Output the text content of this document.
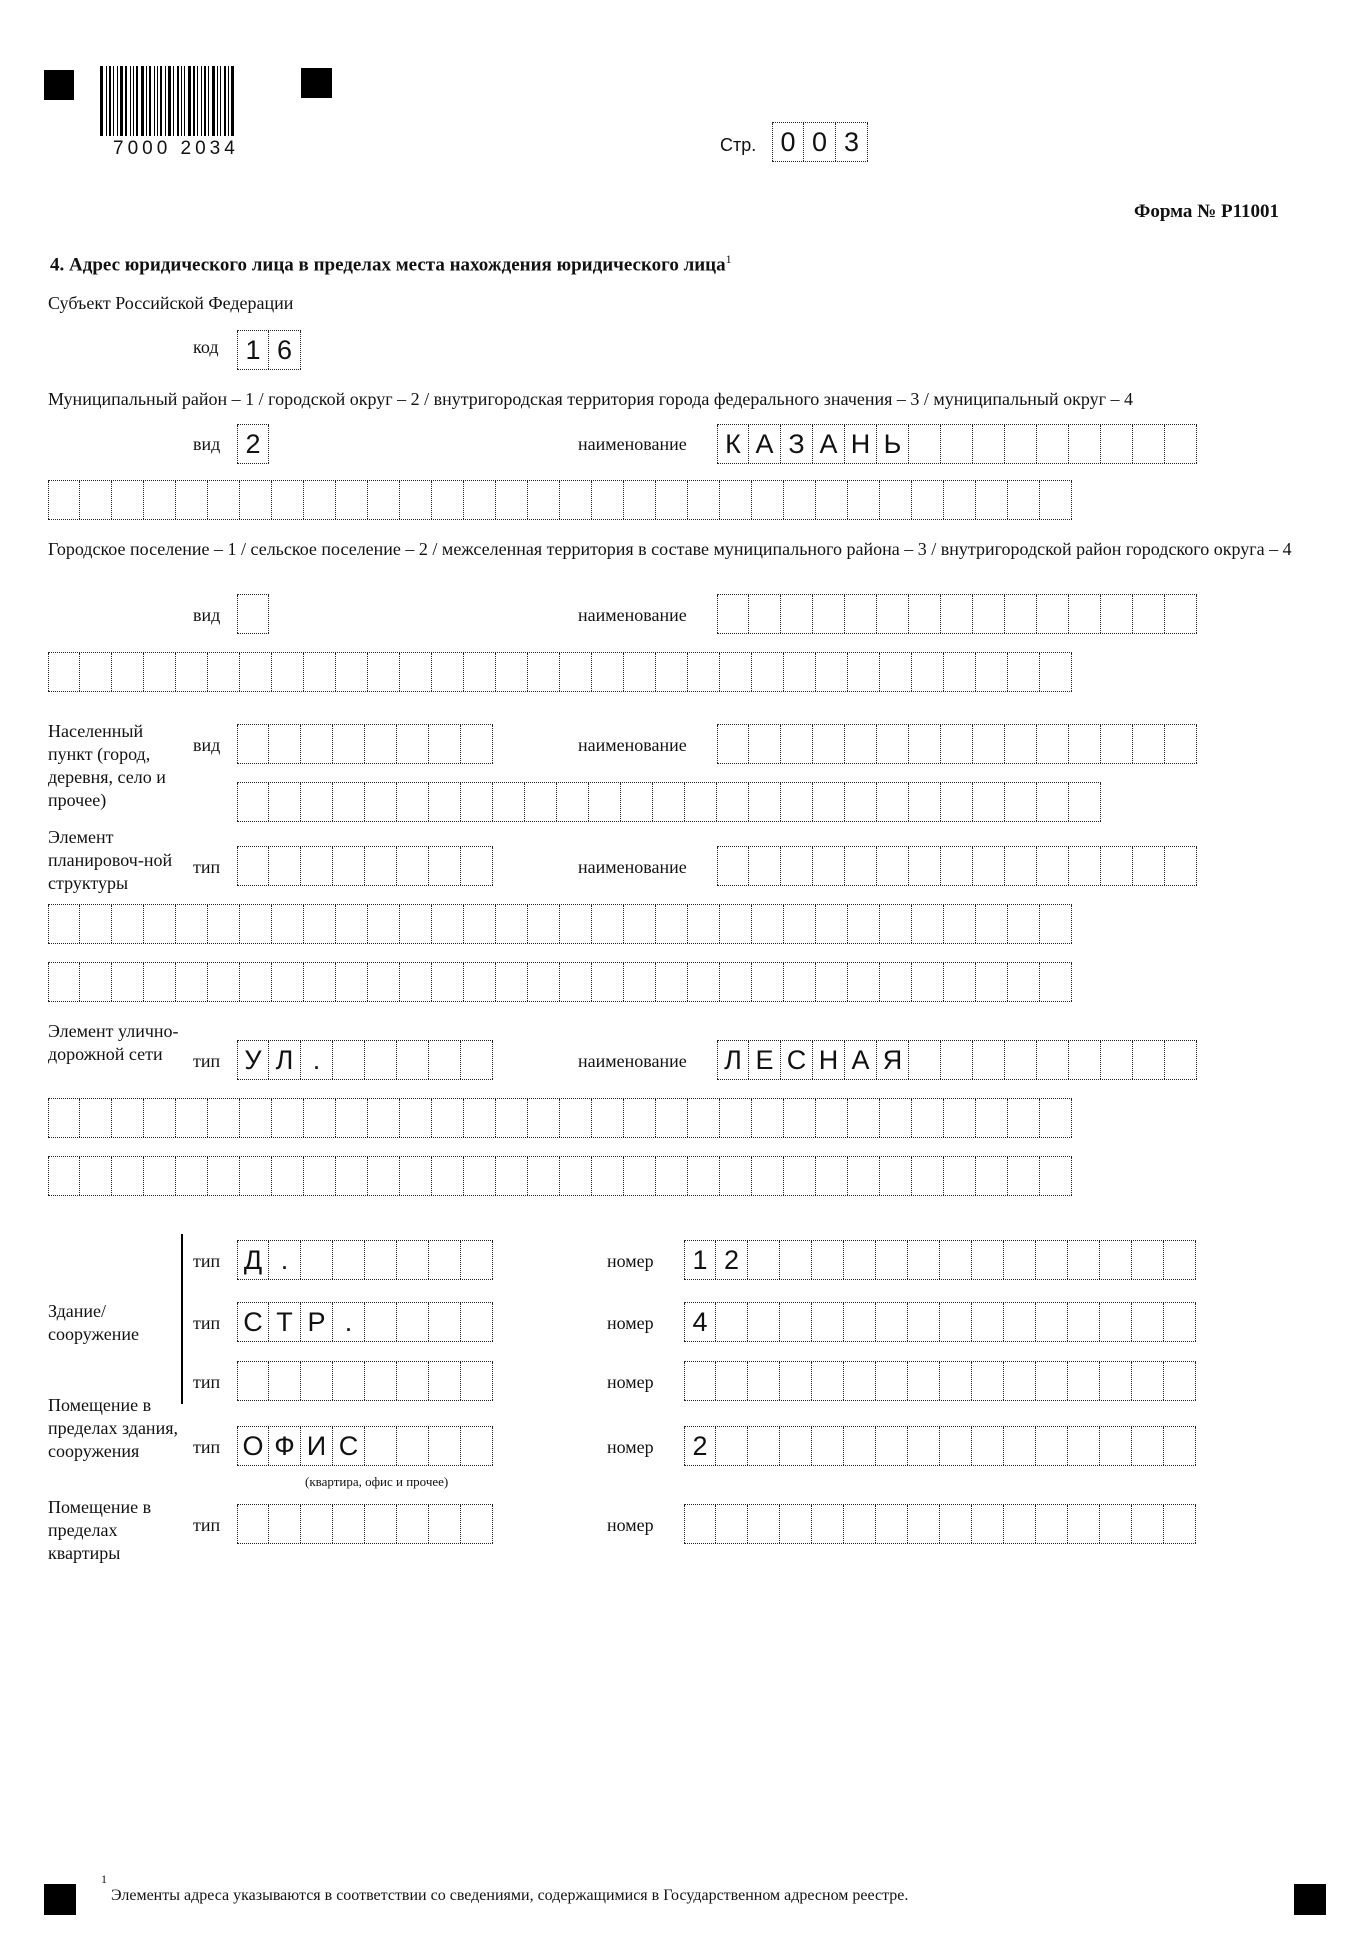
7000 2034	Стр. 0 0 3
Форма № Р11001
4. Адрес юридического лица в пределах места нахождения юридического лица$^1$
Субъект Российской Федерации
код	1 6
Муниципальный район – 1 / городской округ – 2 / внутригородская территория города федерального значения – 3 / муниципальный округ – 4
вид 2	наименование	К А З А Н Ь
Городское поселение – 1 / сельское поселение – 2 / межселенная территория в составе муниципального района – 3 / внутригородской район городского округа – 4
вид	наименование
Населенный пункт (город, деревня, село и прочее)
вид	наименование
Элемент планировоч-ной структуры
тип	наименование
Элемент улично-дорожной сети	тип У Л .	наименование Л Е С Н А Я
Здание/ сооружение
тип Д .	номер	1 2
тип С Т Р .	номер	4
тип	номер
Помещение в пределах здания, сооружения	тип О Ф И С	номер	2
(квартира, офис и прочее)
Помещение в пределах квартиры
тип	номер
1
Элементы адреса указываются в соответствии со сведениями, содержащимися в Государственном адресном реестре.
